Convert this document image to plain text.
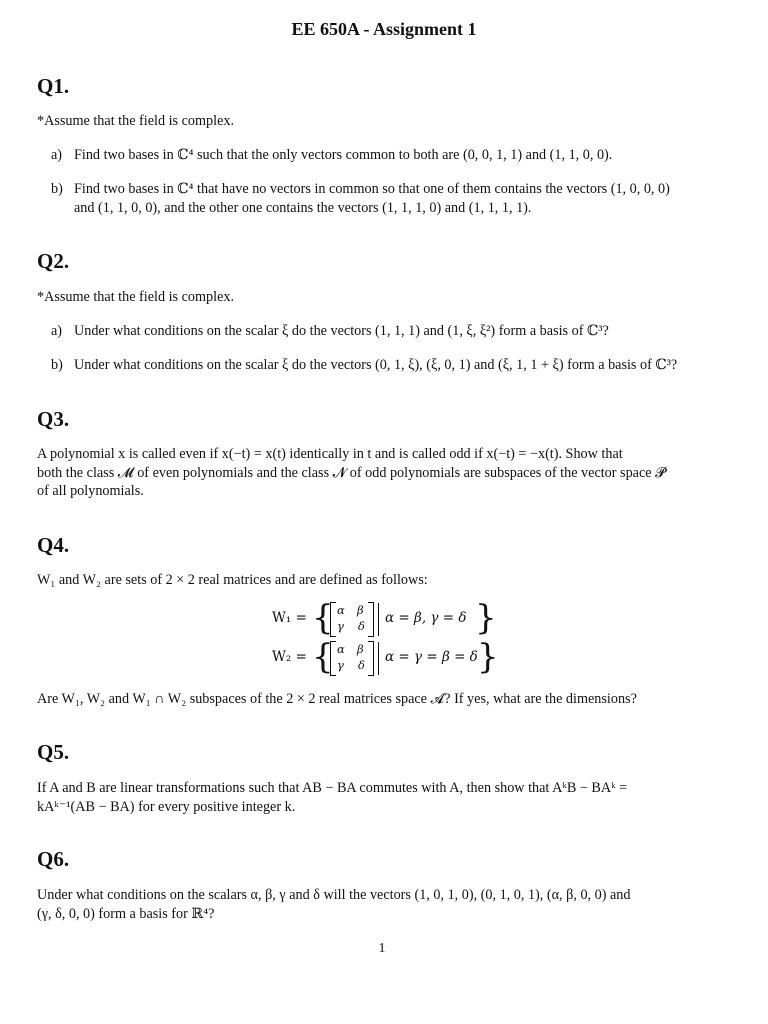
EE 650A - Assignment 1
Q1.
*Assume that the field is complex.
a) Find two bases in ℂ⁴ such that the only vectors common to both are (0, 0, 1, 1) and (1, 1, 0, 0).
b) Find two bases in ℂ⁴ that have no vectors in common so that one of them contains the vectors (1, 0, 0, 0)
and (1, 1, 0, 0), and the other one contains the vectors (1, 1, 1, 0) and (1, 1, 1, 1).
Q2.
*Assume that the field is complex.
a) Under what conditions on the scalar ξ do the vectors (1, 1, 1) and (1, ξ, ξ²) form a basis of ℂ³?
b) Under what conditions on the scalar ξ do the vectors (0, 1, ξ), (ξ, 0, 1) and (ξ, 1, 1 + ξ) form a basis of ℂ³?
Q3.
A polynomial x is called even if x(−t) = x(t) identically in t and is called odd if x(−t) = −x(t). Show that
both the class 𝓜 of even polynomials and the class 𝓝 of odd polynomials are subspaces of the vector space 𝓟
of all polynomials.
Q4.
W₁ and W₂ are sets of 2 × 2 real matrices and are defined as follows:
W₁ = { α β
γ δ α = β, γ = δ }
W₂ = { α β
γ δ α = γ = β = δ }
Are W₁, W₂ and W₁ ∩ W₂ subspaces of the 2 × 2 real matrices space 𝓐? If yes, what are the dimensions?
Q5.
If A and B are linear transformations such that AB − BA commutes with A, then show that AᵏB − BAᵏ =
kAᵏ⁻¹(AB − BA) for every positive integer k.
Q6.
Under what conditions on the scalars α, β, γ and δ will the vectors (1, 0, 1, 0), (0, 1, 0, 1), (α, β, 0, 0) and
(γ, δ, 0, 0) form a basis for ℝ⁴?
1
